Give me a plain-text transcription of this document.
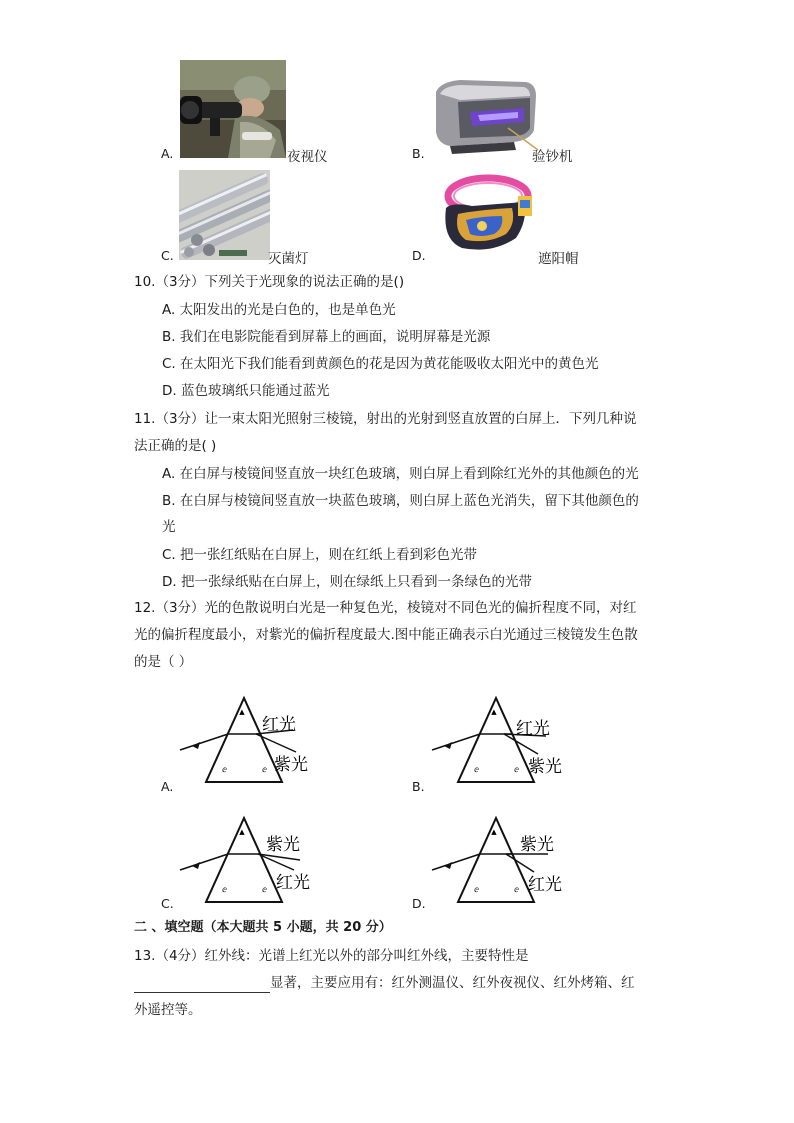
A.	夜视仪	B.	验钞机
C.	灭菌灯	D.	遮阳帽
10.（3分）下列关于光现象的说法正确的是()
A. 太阳发出的光是白色的，也是单色光
B. 我们在电影院能看到屏幕上的画面，说明屏幕是光源
C. 在太阳光下我们能看到黄颜色的花是因为黄花能吸收太阳光中的黄色光
D. 蓝色玻璃纸只能通过蓝光
11.（3分）让一束太阳光照射三棱镜，射出的光射到竖直放置的白屏上．下列几种说
法正确的是( )
A. 在白屏与棱镜间竖直放一块红色玻璃，则白屏上看到除红光外的其他颜色的光
B. 在白屏与棱镜间竖直放一块蓝色玻璃，则白屏上蓝色光消失，留下其他颜色的
光
C. 把一张红纸贴在白屏上，则在红纸上看到彩色光带
D. 把一张绿纸贴在白屏上，则在绿纸上只看到一条绿色的光带
12.（3分）光的色散说明白光是一种复色光，棱镜对不同色光的偏折程度不同，对红
光的偏折程度最小，对紫光的偏折程度最大.图中能正确表示白光通过三棱镜发生色散
的是（ ）
▲
ⅇ	ⅇ
红光
紫光
A.
▲
ⅇ	ⅇ
红光
紫光
B.
▲
ⅇ	ⅇ
紫光
红光
C.
▲
ⅇ	ⅇ
紫光
红光
D.
二 、填空题（本大题共 5 小题，共 20 分）
13.（4分）红外线：光谱上红光以外的部分叫红外线，主要特性是
显著，主要应用有：红外测温仪、红外夜视仪、红外烤箱、红
外遥控等。
